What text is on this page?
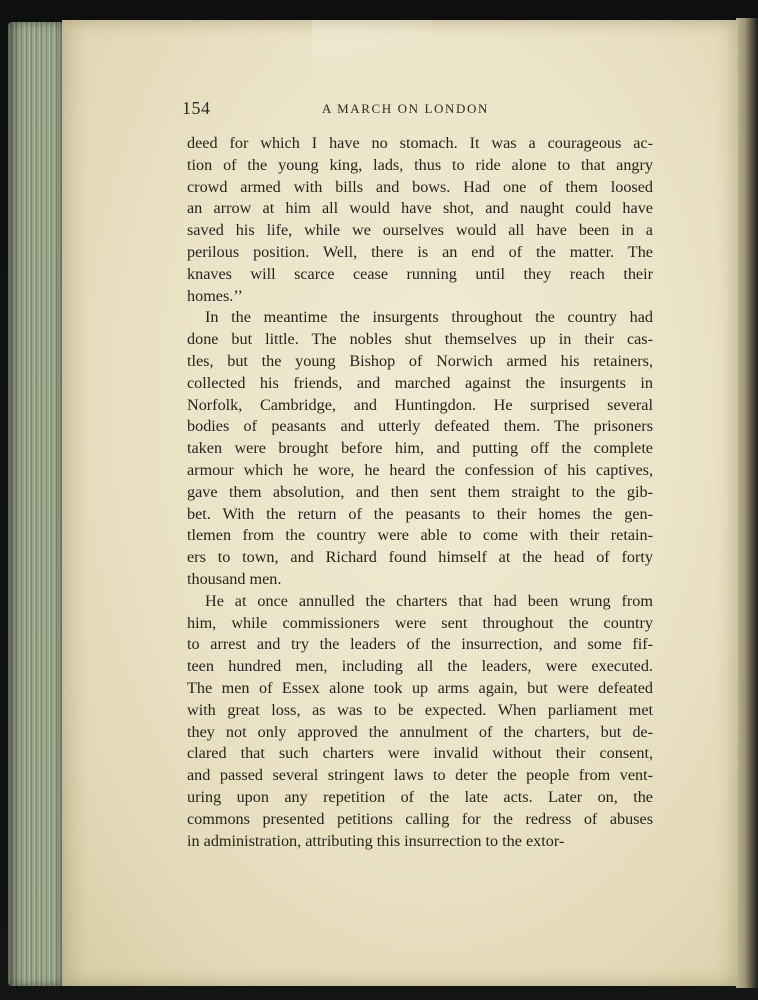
154	A MARCH ON LONDON
deed for which I have no stomach. It was a courageous ac-
tion of the young king, lads, thus to ride alone to that angry
crowd armed with bills and bows. Had one of them loosed
an arrow at him all would have shot, and naught could have
saved his life, while we ourselves would all have been in a
perilous position. Well, there is an end of the matter. The
knaves will scarce cease running until they reach their
homes.’’
In the meantime the insurgents throughout the country had
done but little. The nobles shut themselves up in their cas-
tles, but the young Bishop of Norwich armed his retainers,
collected his friends, and marched against the insurgents in
Norfolk, Cambridge, and Huntingdon. He surprised several
bodies of peasants and utterly defeated them. The prisoners
taken were brought before him, and putting off the complete
armour which he wore, he heard the confession of his captives,
gave them absolution, and then sent them straight to the gib-
bet. With the return of the peasants to their homes the gen-
tlemen from the country were able to come with their retain-
ers to town, and Richard found himself at the head of forty
thousand men.
He at once annulled the charters that had been wrung from
him, while commissioners were sent throughout the country
to arrest and try the leaders of the insurrection, and some fif-
teen hundred men, including all the leaders, were executed.
The men of Essex alone took up arms again, but were defeated
with great loss, as was to be expected. When parliament met
they not only approved the annulment of the charters, but de-
clared that such charters were invalid without their consent,
and passed several stringent laws to deter the people from vent-
uring upon any repetition of the late acts. Later on, the
commons presented petitions calling for the redress of abuses
in administration, attributing this insurrection to the extor-
